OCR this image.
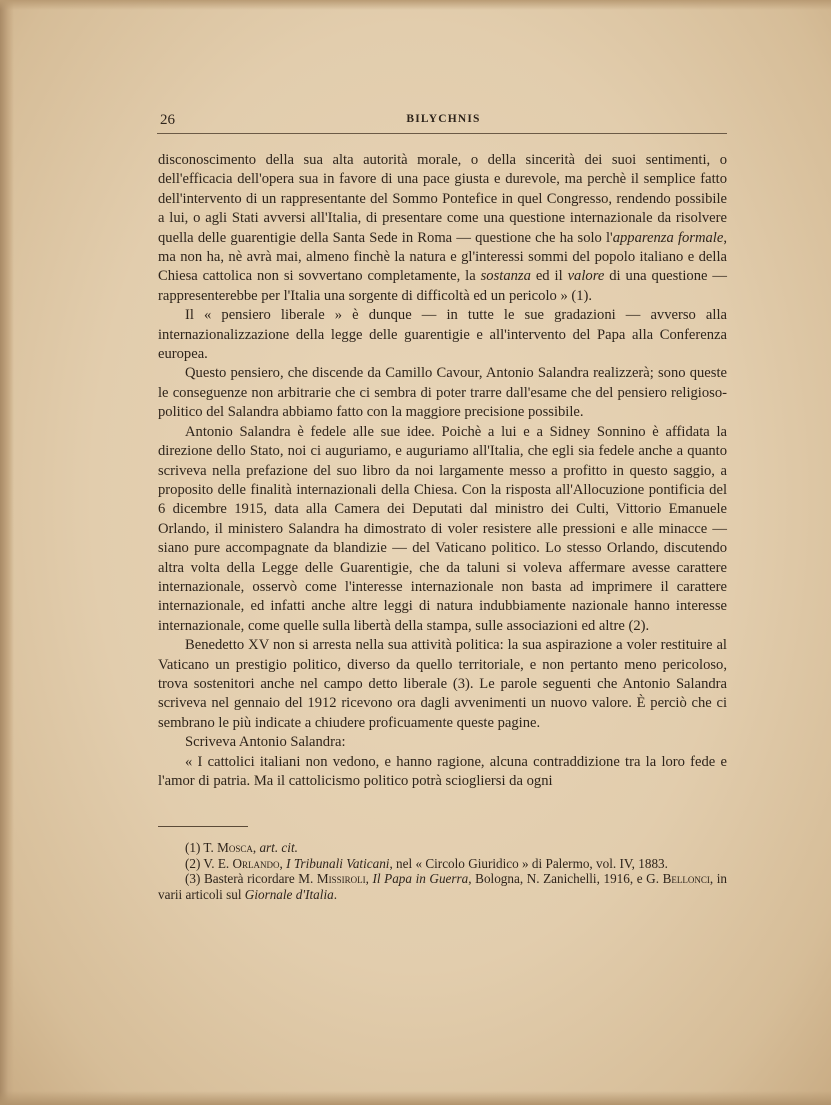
26	BILYCHNIS

disconoscimento della sua alta autorità morale, o della sincerità dei suoi sentimenti, o dell'efficacia dell'opera sua in favore di una pace giusta e durevole, ma perchè il semplice fatto dell'intervento di un rappresentante del Sommo Pontefice in quel Congresso, rendendo possibile a lui, o agli Stati avversi all'Italia, di presentare come una questione internazionale da risolvere quella delle guarentigie della Santa Sede in Roma — questione che ha solo l'apparenza formale, ma non ha, nè avrà mai, almeno finchè la natura e gl'interessi sommi del popolo italiano e della Chiesa cattolica non si sovvertano completamente, la sostanza ed il valore di una questione — rappresenterebbe per l'Italia una sorgente di difficoltà ed un pericolo » (1).

Il « pensiero liberale » è dunque — in tutte le sue gradazioni — avverso alla internazionalizzazione della legge delle guarentigie e all'intervento del Papa alla Conferenza europea.

Questo pensiero, che discende da Camillo Cavour, Antonio Salandra realizzerà; sono queste le conseguenze non arbitrarie che ci sembra di poter trarre dall'esame che del pensiero religioso-politico del Salandra abbiamo fatto con la maggiore precisione possibile.

Antonio Salandra è fedele alle sue idee. Poichè a lui e a Sidney Sonnino è affidata la direzione dello Stato, noi ci auguriamo, e auguriamo all'Italia, che egli sia fedele anche a quanto scriveva nella prefazione del suo libro da noi largamente messo a profitto in questo saggio, a proposito delle finalità internazionali della Chiesa. Con la risposta all'Allocuzione pontificia del 6 dicembre 1915, data alla Camera dei Deputati dal ministro dei Culti, Vittorio Emanuele Orlando, il ministero Salandra ha dimostrato di voler resistere alle pressioni e alle minacce — siano pure accompagnate da blandizie — del Vaticano politico. Lo stesso Orlando, discutendo altra volta della Legge delle Guarentigie, che da taluni si voleva affermare avesse carattere internazionale, osservò come l'interesse internazionale non basta ad imprimere il carattere internazionale, ed infatti anche altre leggi di natura indubbiamente nazionale hanno interesse internazionale, come quelle sulla libertà della stampa, sulle associazioni ed altre (2).

Benedetto XV non si arresta nella sua attività politica: la sua aspirazione a voler restituire al Vaticano un prestigio politico, diverso da quello territoriale, e non pertanto meno pericoloso, trova sostenitori anche nel campo detto liberale (3). Le parole seguenti che Antonio Salandra scriveva nel gennaio del 1912 ricevono ora dagli avvenimenti un nuovo valore. È perciò che ci sembrano le più indicate a chiudere proficuamente queste pagine.

Scriveva Antonio Salandra:

« I cattolici italiani non vedono, e hanno ragione, alcuna contraddizione tra la loro fede e l'amor di patria. Ma il cattolicismo politico potrà sciogliersi da ogni

(1) T. Mosca, art. cit.

(2) V. E. Orlando, I Tribunali Vaticani, nel « Circolo Giuridico » di Palermo, vol. IV, 1883.

(3) Basterà ricordare M. Missiroli, Il Papa in Guerra, Bologna, N. Zanichelli, 1916, e G. Bellonci, in varii articoli sul Giornale d'Italia.
